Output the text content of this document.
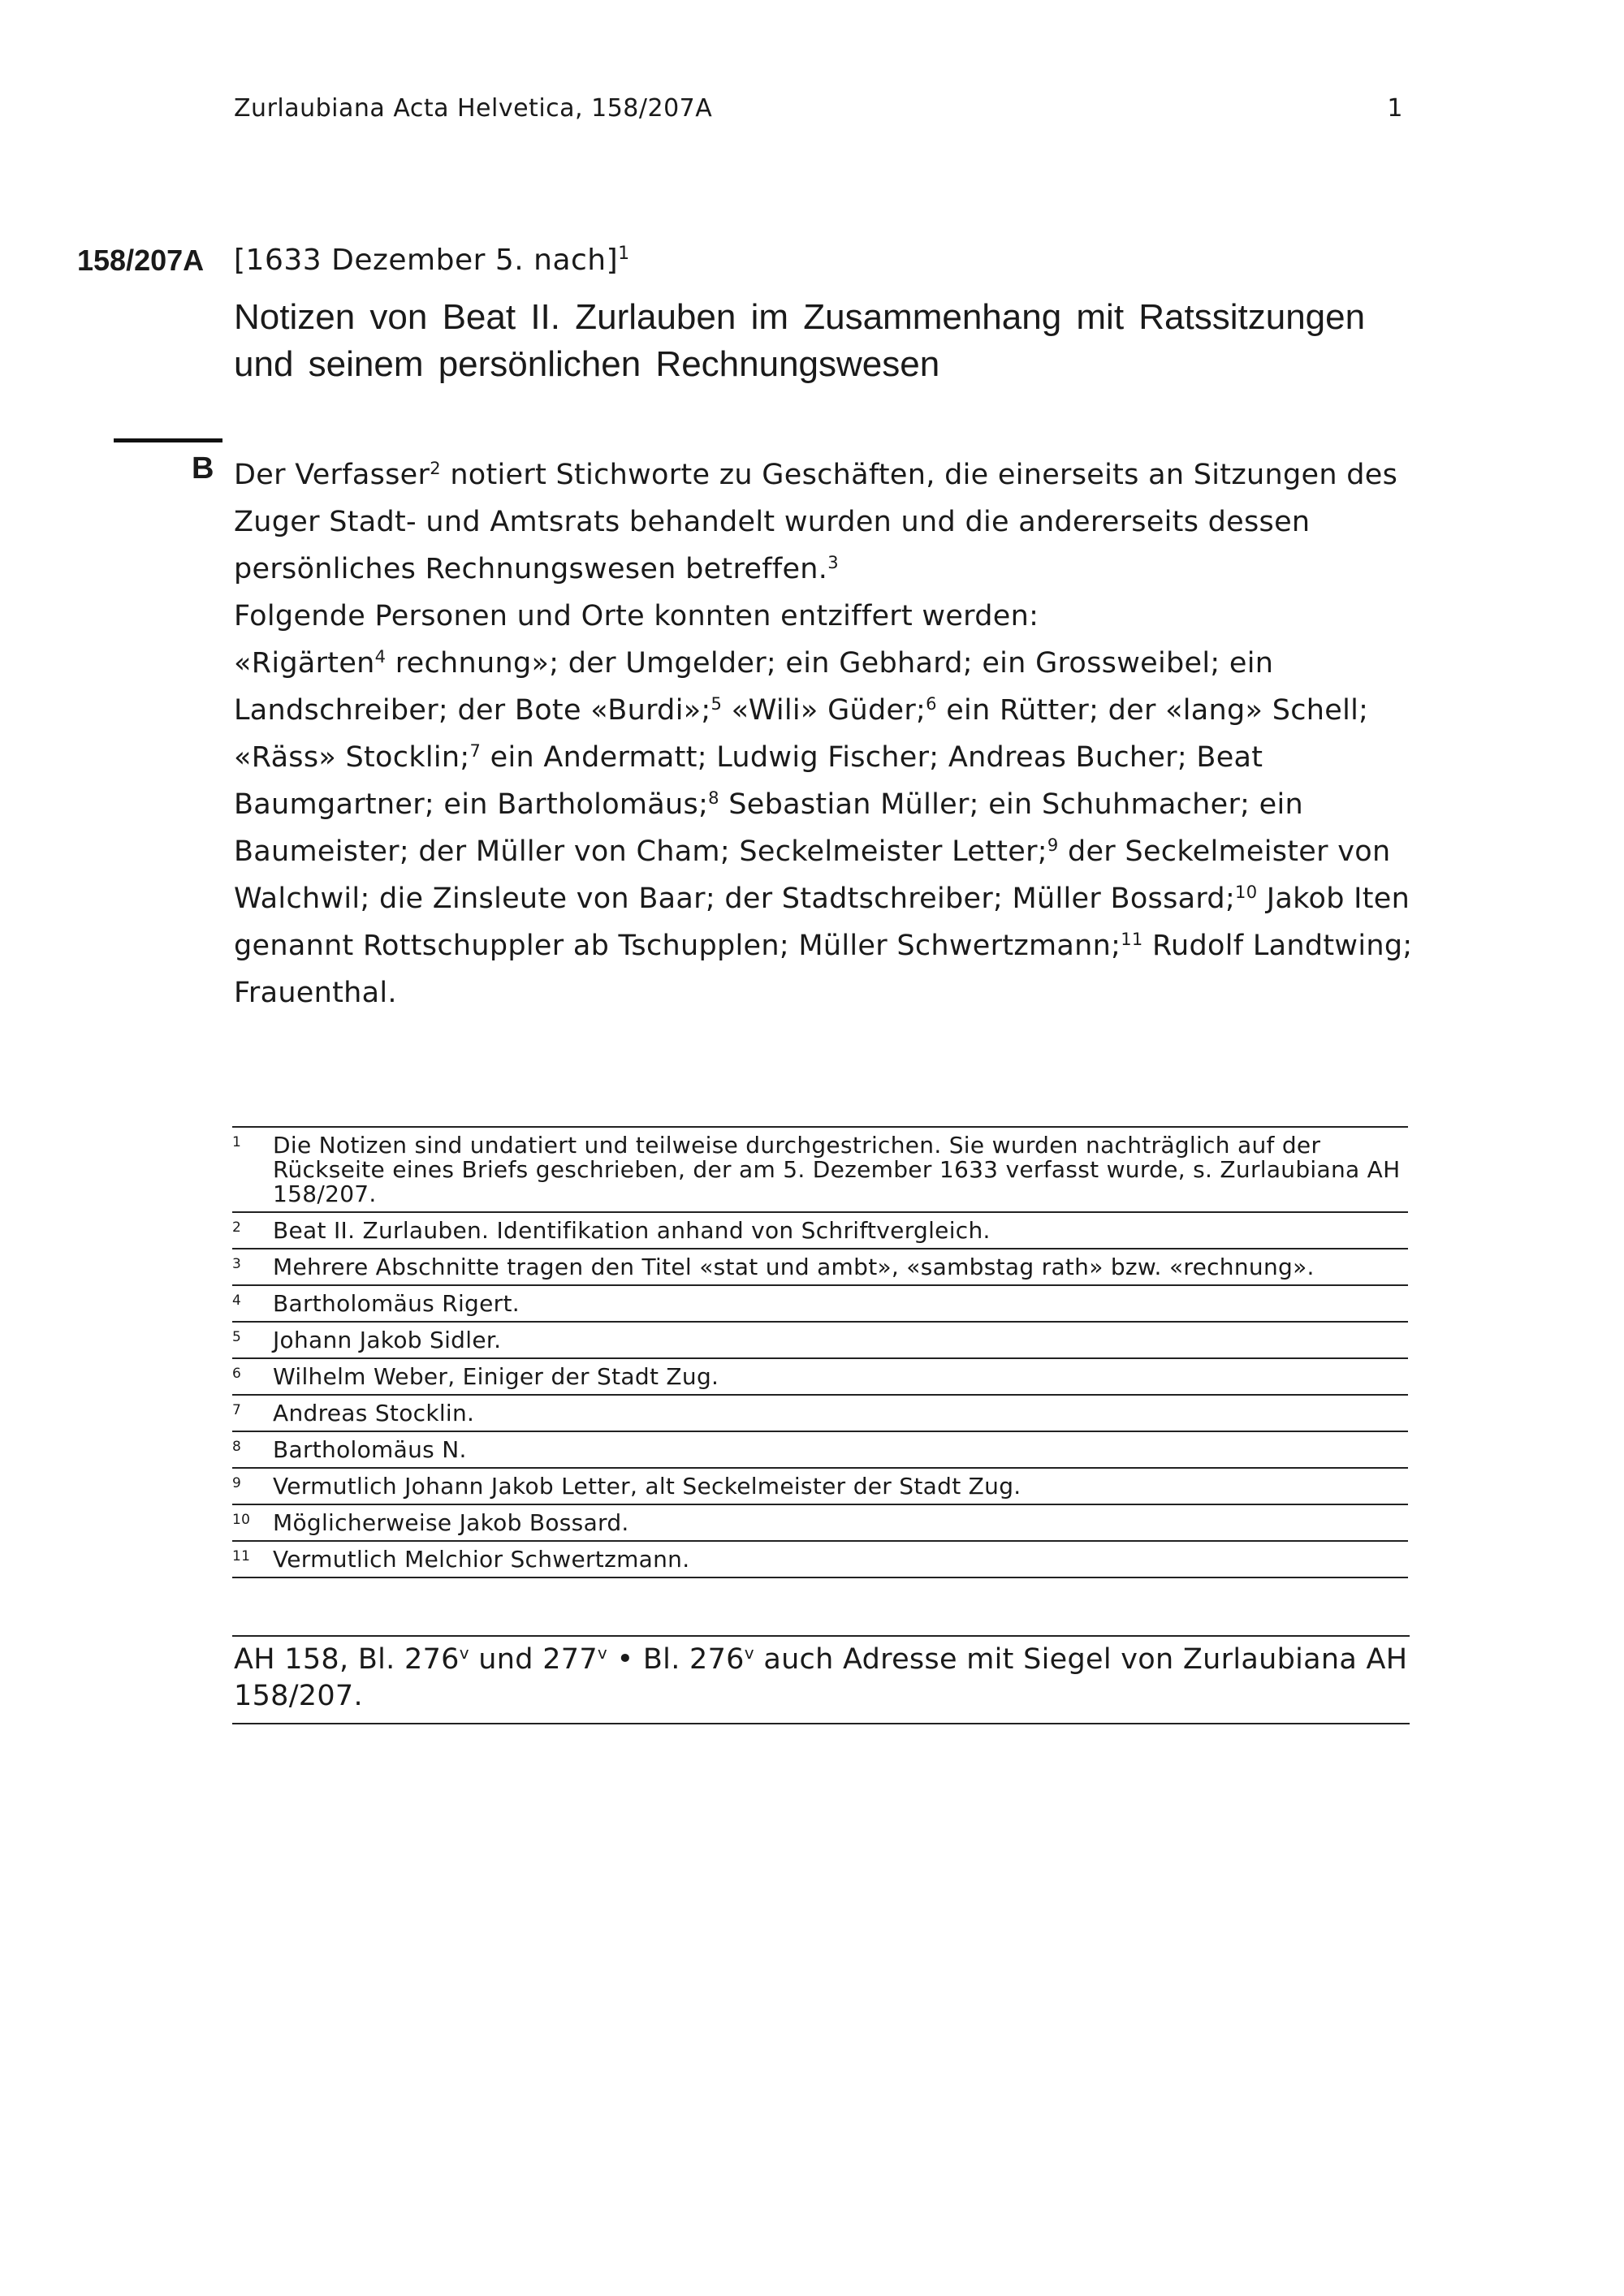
Zurlaubiana Acta Helvetica, 158/207A	1
158/207A [1633 Dezember 5. nach]$^1$
Notizen von Beat II. Zurlauben im Zusammenhang mit Ratssitzungen und seinem persönlichen Rechnungswesen
B Der Verfasser$^2$ notiert Stichworte zu Geschäften, die einerseits an Sitzungen des Zuger Stadt- und Amtsrats behandelt wurden und die andererseits dessen persönliches Rechnungswesen betreffen.$^3$

Folgende Personen und Orte konnten entziffert werden:

«Rigärten$^4$ rechnung»; der Umgelder; ein Gebhard; ein Grossweibel; ein Landschreiber; der Bote «Burdi»;$^5$ «Wili» Güder;$^6$ ein Rütter; der «lang» Schell; «Räss» Stocklin;$^7$ ein Andermatt; Ludwig Fischer; Andreas Bucher; Beat Baumgartner; ein Bartholomäus;$^8$ Sebastian Müller; ein Schuhmacher; ein Baumeister; der Müller von Cham; Seckelmeister Letter;$^9$ der Seckelmeister von Walchwil; die Zinsleute von Baar; der Stadtschreiber; Müller Bossard;$^{10}$ Jakob Iten genannt Rottschuppler ab Tschupplen; Müller Schwertzmann;$^{11}$ Rudolf Landtwing;

Frauenthal.

1 Die Notizen sind undatiert und teilweise durchgestrichen. Sie wurden nachträglich auf der Rückseite eines Briefs geschrieben, der am 5. Dezember 1633 verfasst wurde, s. Zurlaubiana AH 158/207.
2 Beat II. Zurlauben. Identifikation anhand von Schriftvergleich.
3 Mehrere Abschnitte tragen den Titel «stat und ambt», «sambstag rath» bzw. «rechnung».
4 Bartholomäus Rigert.
5 Johann Jakob Sidler.
6 Wilhelm Weber, Einiger der Stadt Zug.
7 Andreas Stocklin.
8 Bartholomäus N.
9 Vermutlich Johann Jakob Letter, alt Seckelmeister der Stadt Zug.
10 Möglicherweise Jakob Bossard.
11 Vermutlich Melchior Schwertzmann.
AH 158, Bl. 276$^v$ und 277$^v$ • Bl. 276$^v$ auch Adresse mit Siegel von Zurlaubiana AH 158/207.
